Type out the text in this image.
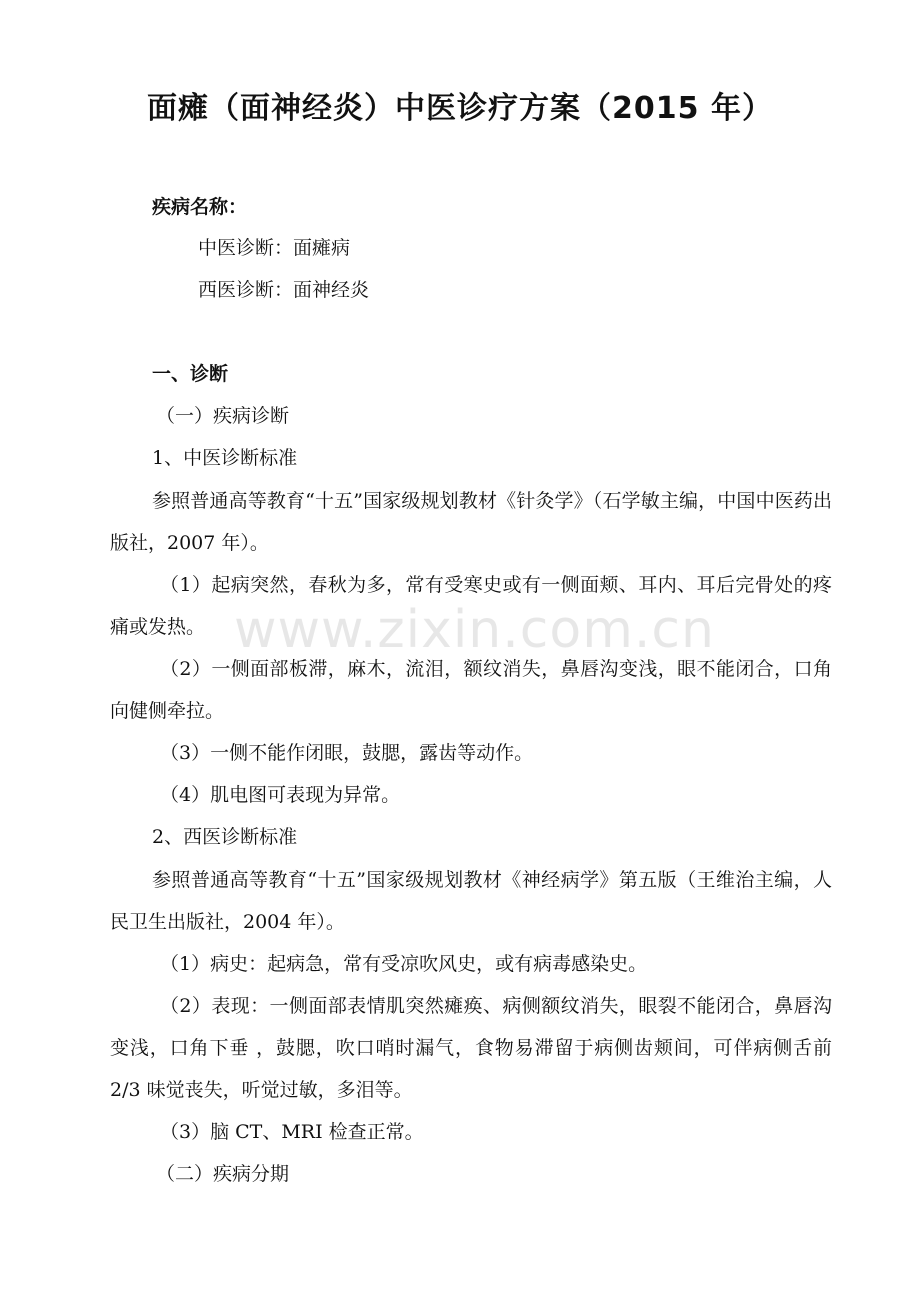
面瘫（面神经炎）中医诊疗方案（2015 年）
疾病名称：
中医诊断：面瘫病
西医诊断：面神经炎
一、诊断
（一）疾病诊断
1、中医诊断标准
参照普通高等教育“十五”国家级规划教材《针灸学》（石学敏主编，中国中医药出版社，2007 年）。
（1）起病突然，春秋为多，常有受寒史或有一侧面颊、耳内、耳后完骨处的疼痛或发热。
（2）一侧面部板滞，麻木，流泪，额纹消失，鼻唇沟变浅，眼不能闭合，口角向健侧牵拉。
（3）一侧不能作闭眼，鼓腮，露齿等动作。
（4）肌电图可表现为异常。
2、西医诊断标准
参照普通高等教育“十五”国家级规划教材《神经病学》第五版（王维治主编，人民卫生出版社，2004 年）。
（1）病史：起病急，常有受凉吹风史，或有病毒感染史。
（2）表现：一侧面部表情肌突然瘫痪、病侧额纹消失，眼裂不能闭合，鼻唇沟变浅，口角下垂 ，鼓腮，吹口哨时漏气，食物易滞留于病侧齿颊间，可伴病侧舌前 2/3 味觉丧失，听觉过敏，多泪等。
（3）脑 CT、MRI 检查正常。
（二）疾病分期
www.zixin.com.cn
